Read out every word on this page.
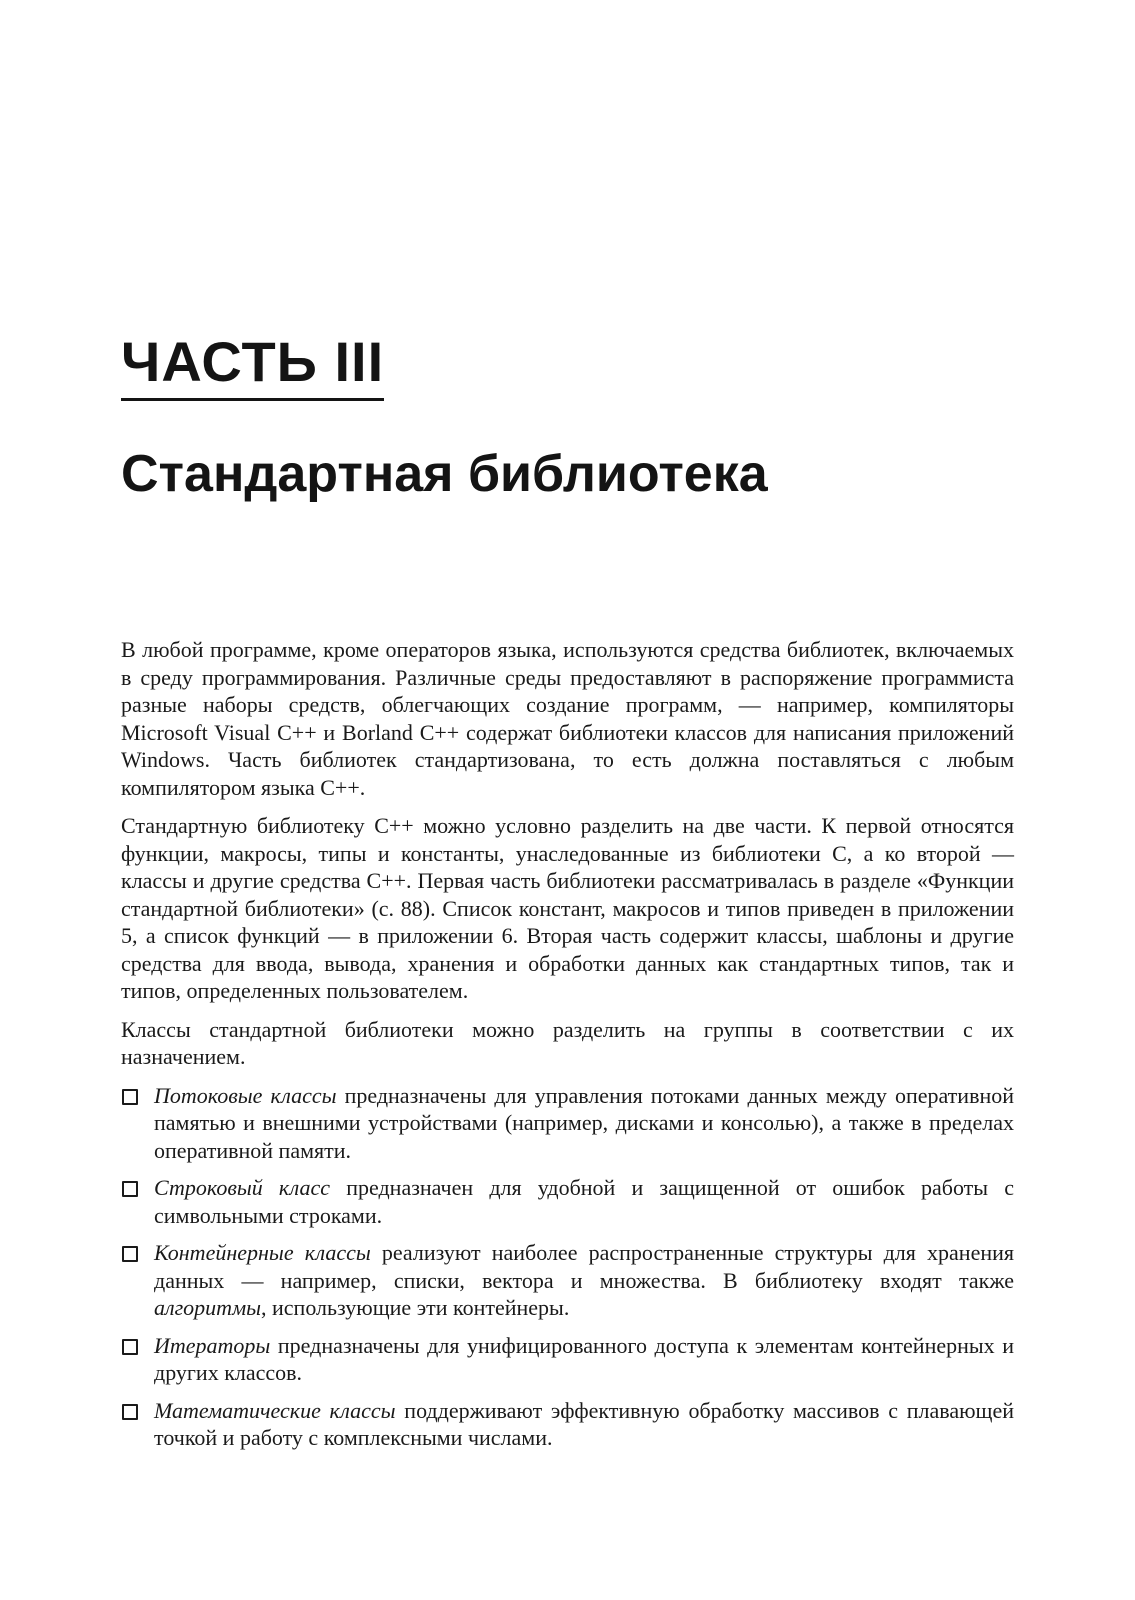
ЧАСТЬ III
Стандартная библиотека

В любой программе, кроме операторов языка, используются средства библиотек, включаемых в среду программирования. Различные среды предоставляют в распоряжение программиста разные наборы средств, облегчающих создание программ, — например, компиляторы Microsoft Visual C++ и Borland C++ содержат библиотеки классов для написания приложений Windows. Часть библиотек стандартизована, то есть должна поставляться с любым компилятором языка C++.

Стандартную библиотеку C++ можно условно разделить на две части. К первой относятся функции, макросы, типы и константы, унаследованные из библиотеки С, а ко второй — классы и другие средства C++. Первая часть библиотеки рассматривалась в разделе «Функции стандартной библиотеки» (с. 88). Список констант, макросов и типов приведен в приложении 5, а список функций — в приложении 6. Вторая часть содержит классы, шаблоны и другие средства для ввода, вывода, хранения и обработки данных как стандартных типов, так и типов, определенных пользователем.

Классы стандартной библиотеки можно разделить на группы в соответствии с их назначением.

Потоковые классы предназначены для управления потоками данных между оперативной памятью и внешними устройствами (например, дисками и консолью), а также в пределах оперативной памяти.
Строковый класс предназначен для удобной и защищенной от ошибок работы с символьными строками.
Контейнерные классы реализуют наиболее распространенные структуры для хранения данных — например, списки, вектора и множества. В библиотеку входят также алгоритмы, использующие эти контейнеры.
Итераторы предназначены для унифицированного доступа к элементам контейнерных и других классов.
Математические классы поддерживают эффективную обработку массивов с плавающей точкой и работу с комплексными числами.
